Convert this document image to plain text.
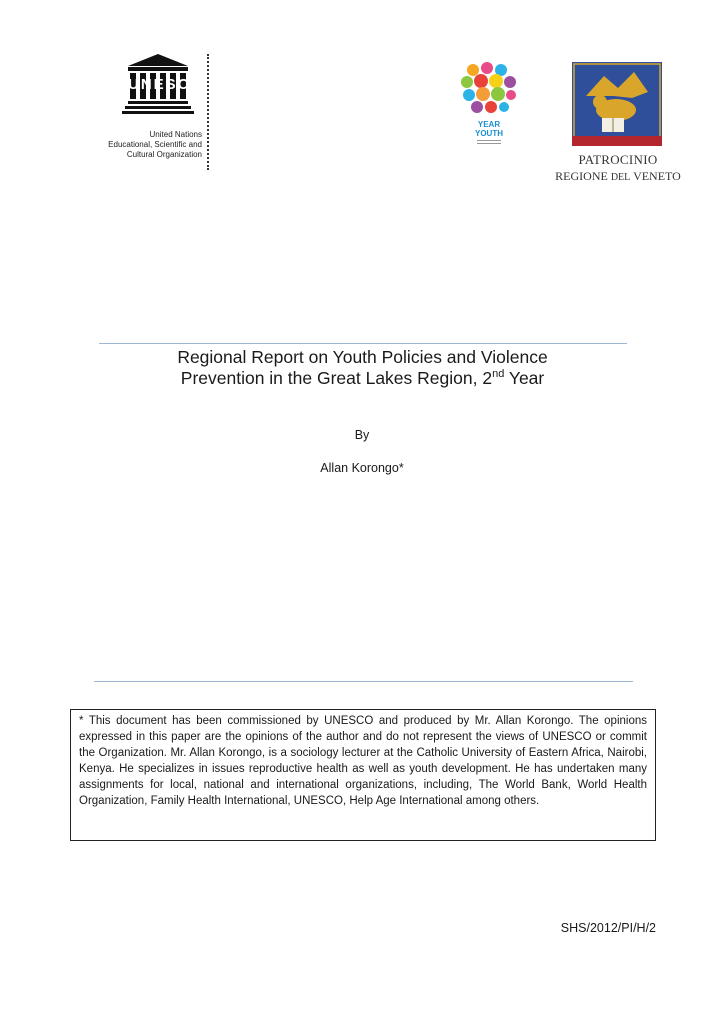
UNESCO
United Nations
Educational, Scientific and
Cultural Organization
YEAR
YOUTH
PATROCINIO
REGIONE DEL VENETO
Regional Report on Youth Policies and Violence
Prevention in the Great Lakes Region, 2nd Year
By
Allan Korongo*

* This document has been commissioned by UNESCO and produced by Mr. Allan Korongo. The opinions expressed in this paper are the opinions of the author and do not represent the views of UNESCO or commit the Organization. Mr. Allan Korongo, is a sociology lecturer at the Catholic University of Eastern Africa, Nairobi, Kenya. He specializes in issues reproductive health as well as youth development. He has undertaken many assignments for local, national and international organizations, including, The World Bank, World Health Organization, Family Health International, UNESCO, Help Age International among others.

SHS/2012/PI/H/2
